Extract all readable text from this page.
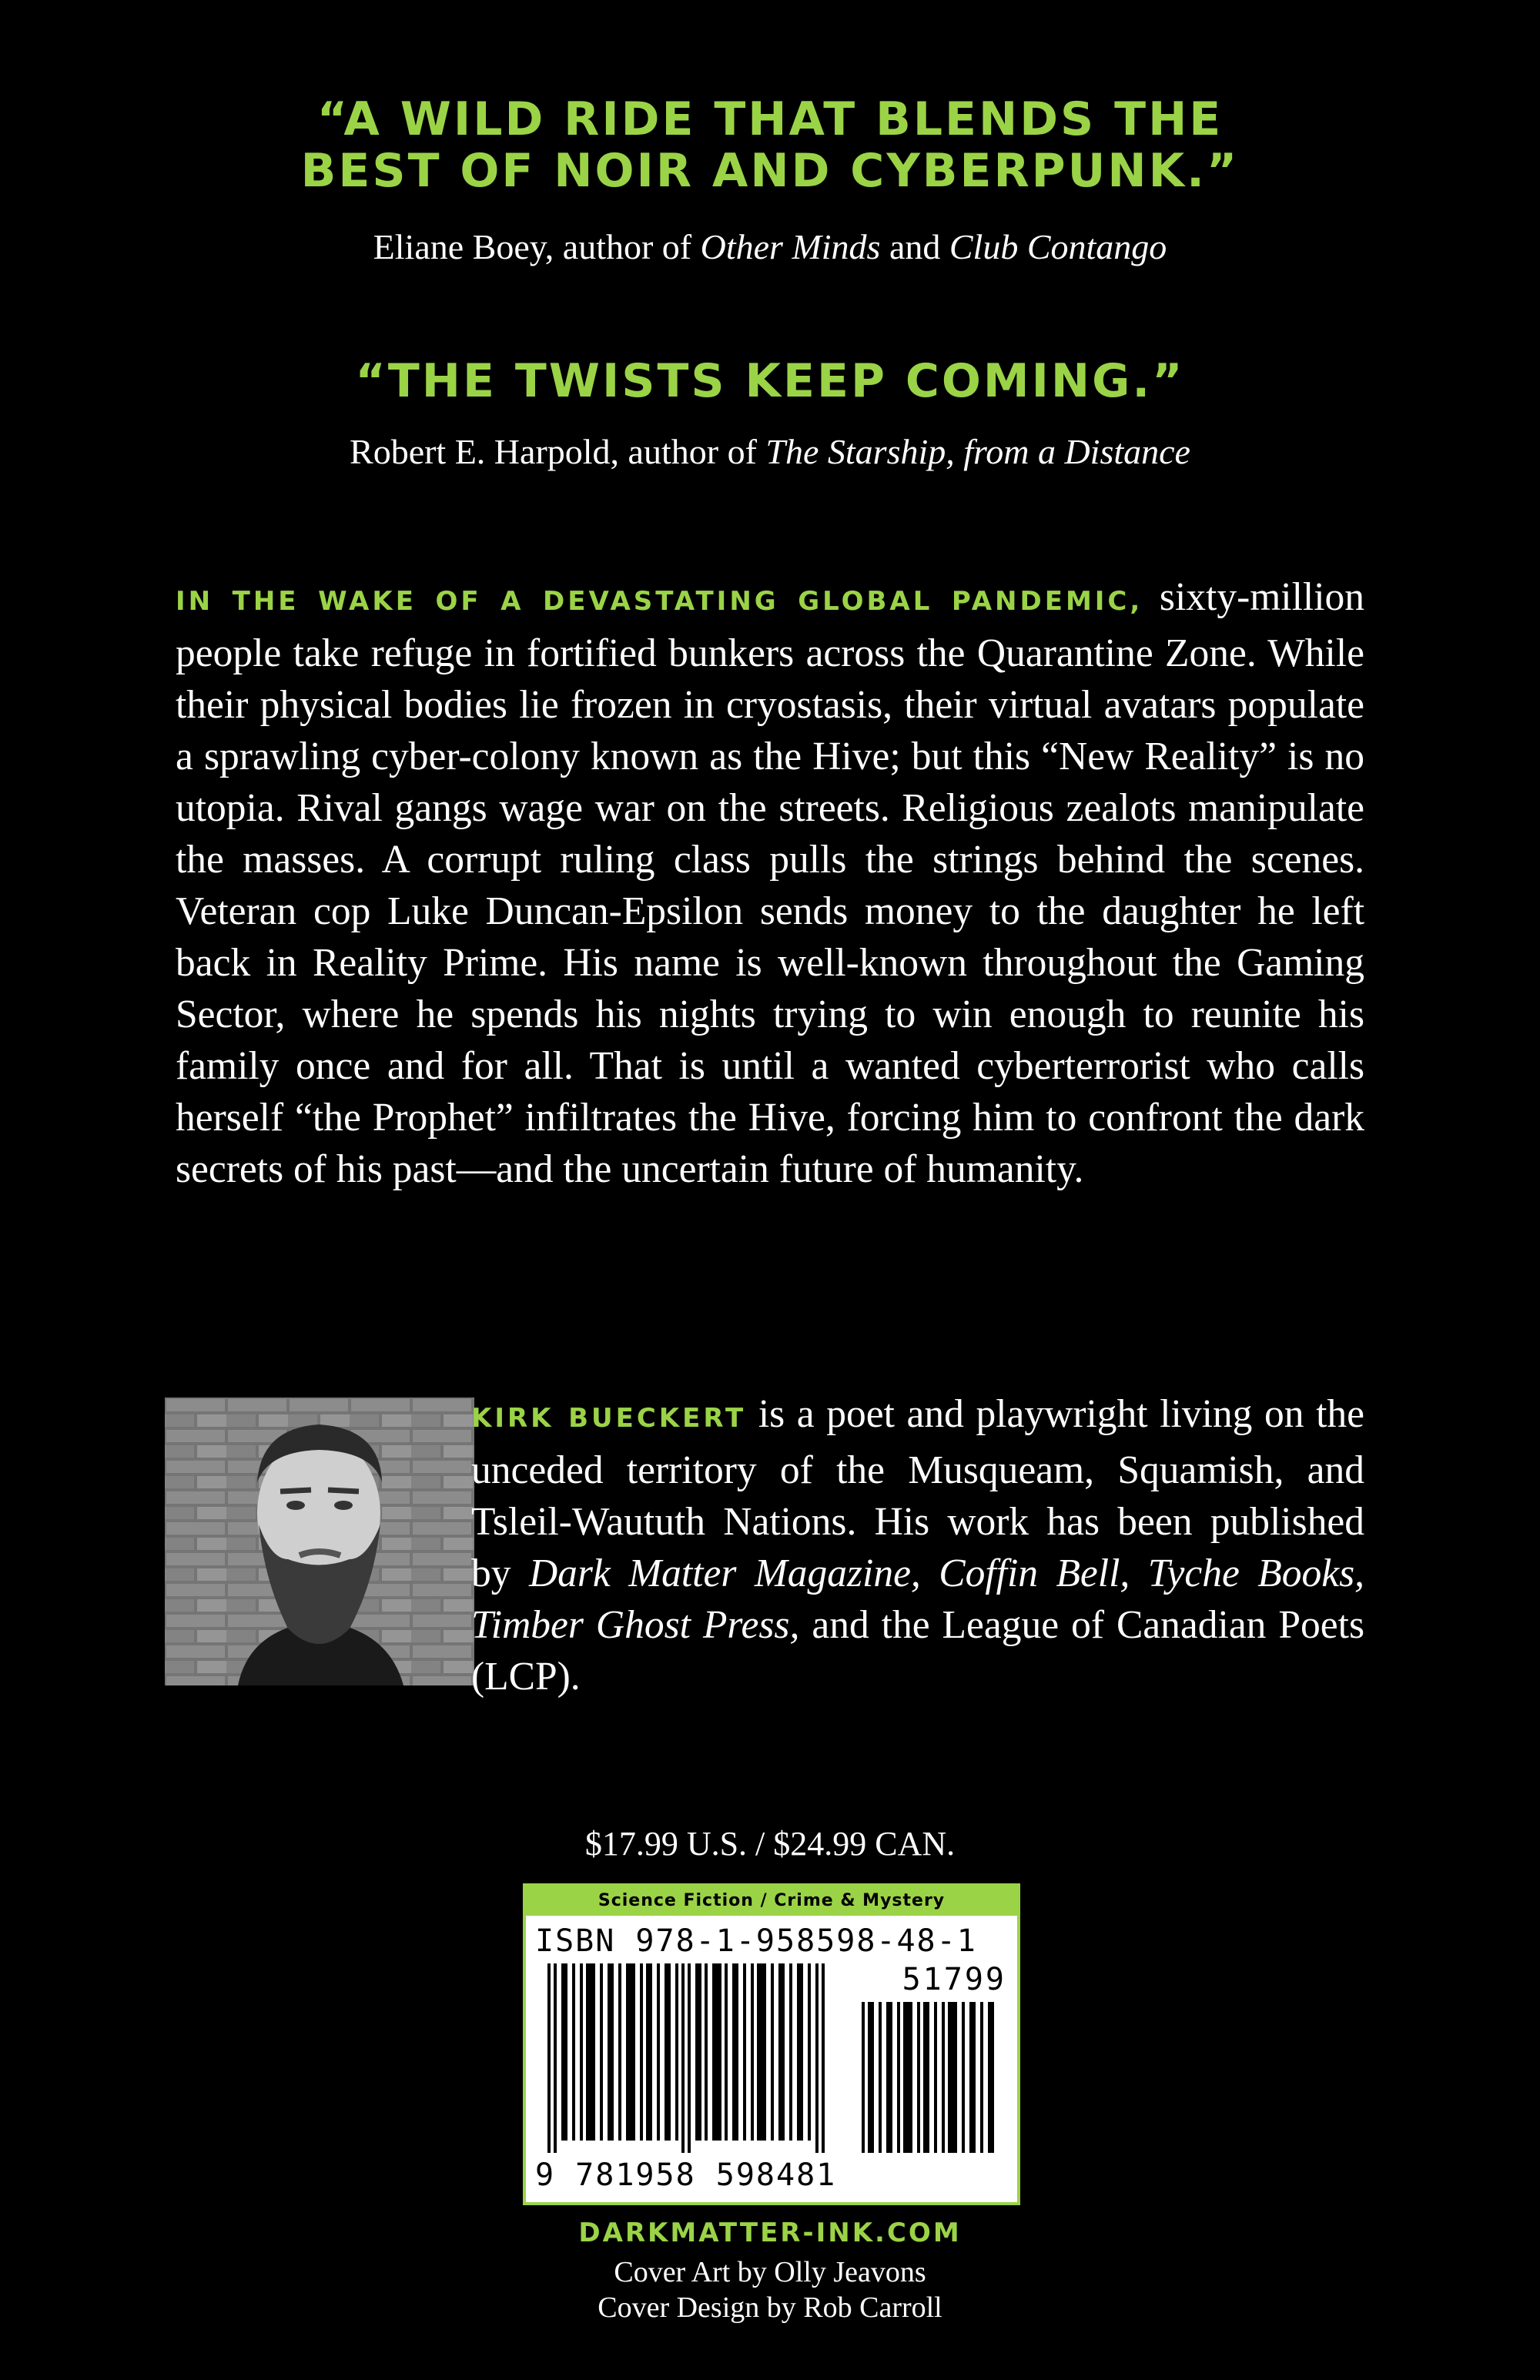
“A WILD RIDE THAT BLENDS THE BEST OF NOIR AND CYBERPUNK.”
Eliane Boey, author of Other Minds and Club Contango
“THE TWISTS KEEP COMING.”
Robert E. Harpold, author of The Starship, from a Distance
IN THE WAKE OF A DEVASTATING GLOBAL PANDEMIC, sixty-million people take refuge in fortified bunkers across the Quarantine Zone. While their physical bodies lie frozen in cryostasis, their virtual avatars populate a sprawling cyber-colony known as the Hive; but this “New Reality” is no utopia. Rival gangs wage war on the streets. Religious zealots manipulate the masses. A corrupt ruling class pulls the strings behind the scenes. Veteran cop Luke Duncan-Epsilon sends money to the daughter he left back in Reality Prime. His name is well-known throughout the Gaming Sector, where he spends his nights trying to win enough to reunite his family once and for all. That is until a wanted cyberterrorist who calls herself “the Prophet” infiltrates the Hive, forcing him to confront the dark secrets of his past—and the uncertain future of humanity.
KIRK BUECKERT is a poet and playwright living on the unceded territory of the Musqueam, Squamish, and Tsleil-Waututh Nations. His work has been published by Dark Matter Magazine, Coffin Bell, Tyche Books, Timber Ghost Press, and the League of Canadian Poets (LCP).
$17.99 U.S. / $24.99 CAN.
Science Fiction / Crime & Mystery
ISBN 978-1-958598-48-1
51799
9 781958 598481
DARKMATTER-INK.COM
Cover Art by Olly Jeavons
Cover Design by Rob Carroll
